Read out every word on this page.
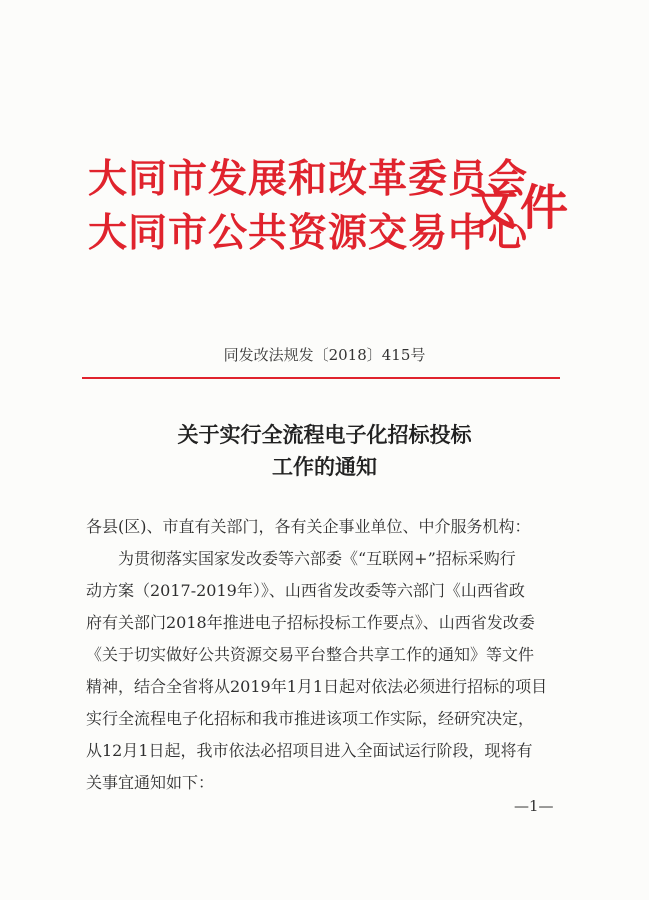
大同市发展和改革委员会
大同市公共资源交易中心
文件
同发改法规发〔2018〕415号
关于实行全流程电子化招标投标
工作的通知
各县(区)、市直有关部门，各有关企事业单位、中介服务机构：
为贯彻落实国家发改委等六部委《“互联网+”招标采购行
动方案（2017-2019年）》、山西省发改委等六部门《山西省政
府有关部门2018年推进电子招标投标工作要点》、山西省发改委
《关于切实做好公共资源交易平台整合共享工作的通知》等文件
精神，结合全省将从2019年1月1日起对依法必须进行招标的项目
实行全流程电子化招标和我市推进该项工作实际，经研究决定，
从12月1日起，我市依法必招项目进入全面试运行阶段，现将有
关事宜通知如下：
—1—
